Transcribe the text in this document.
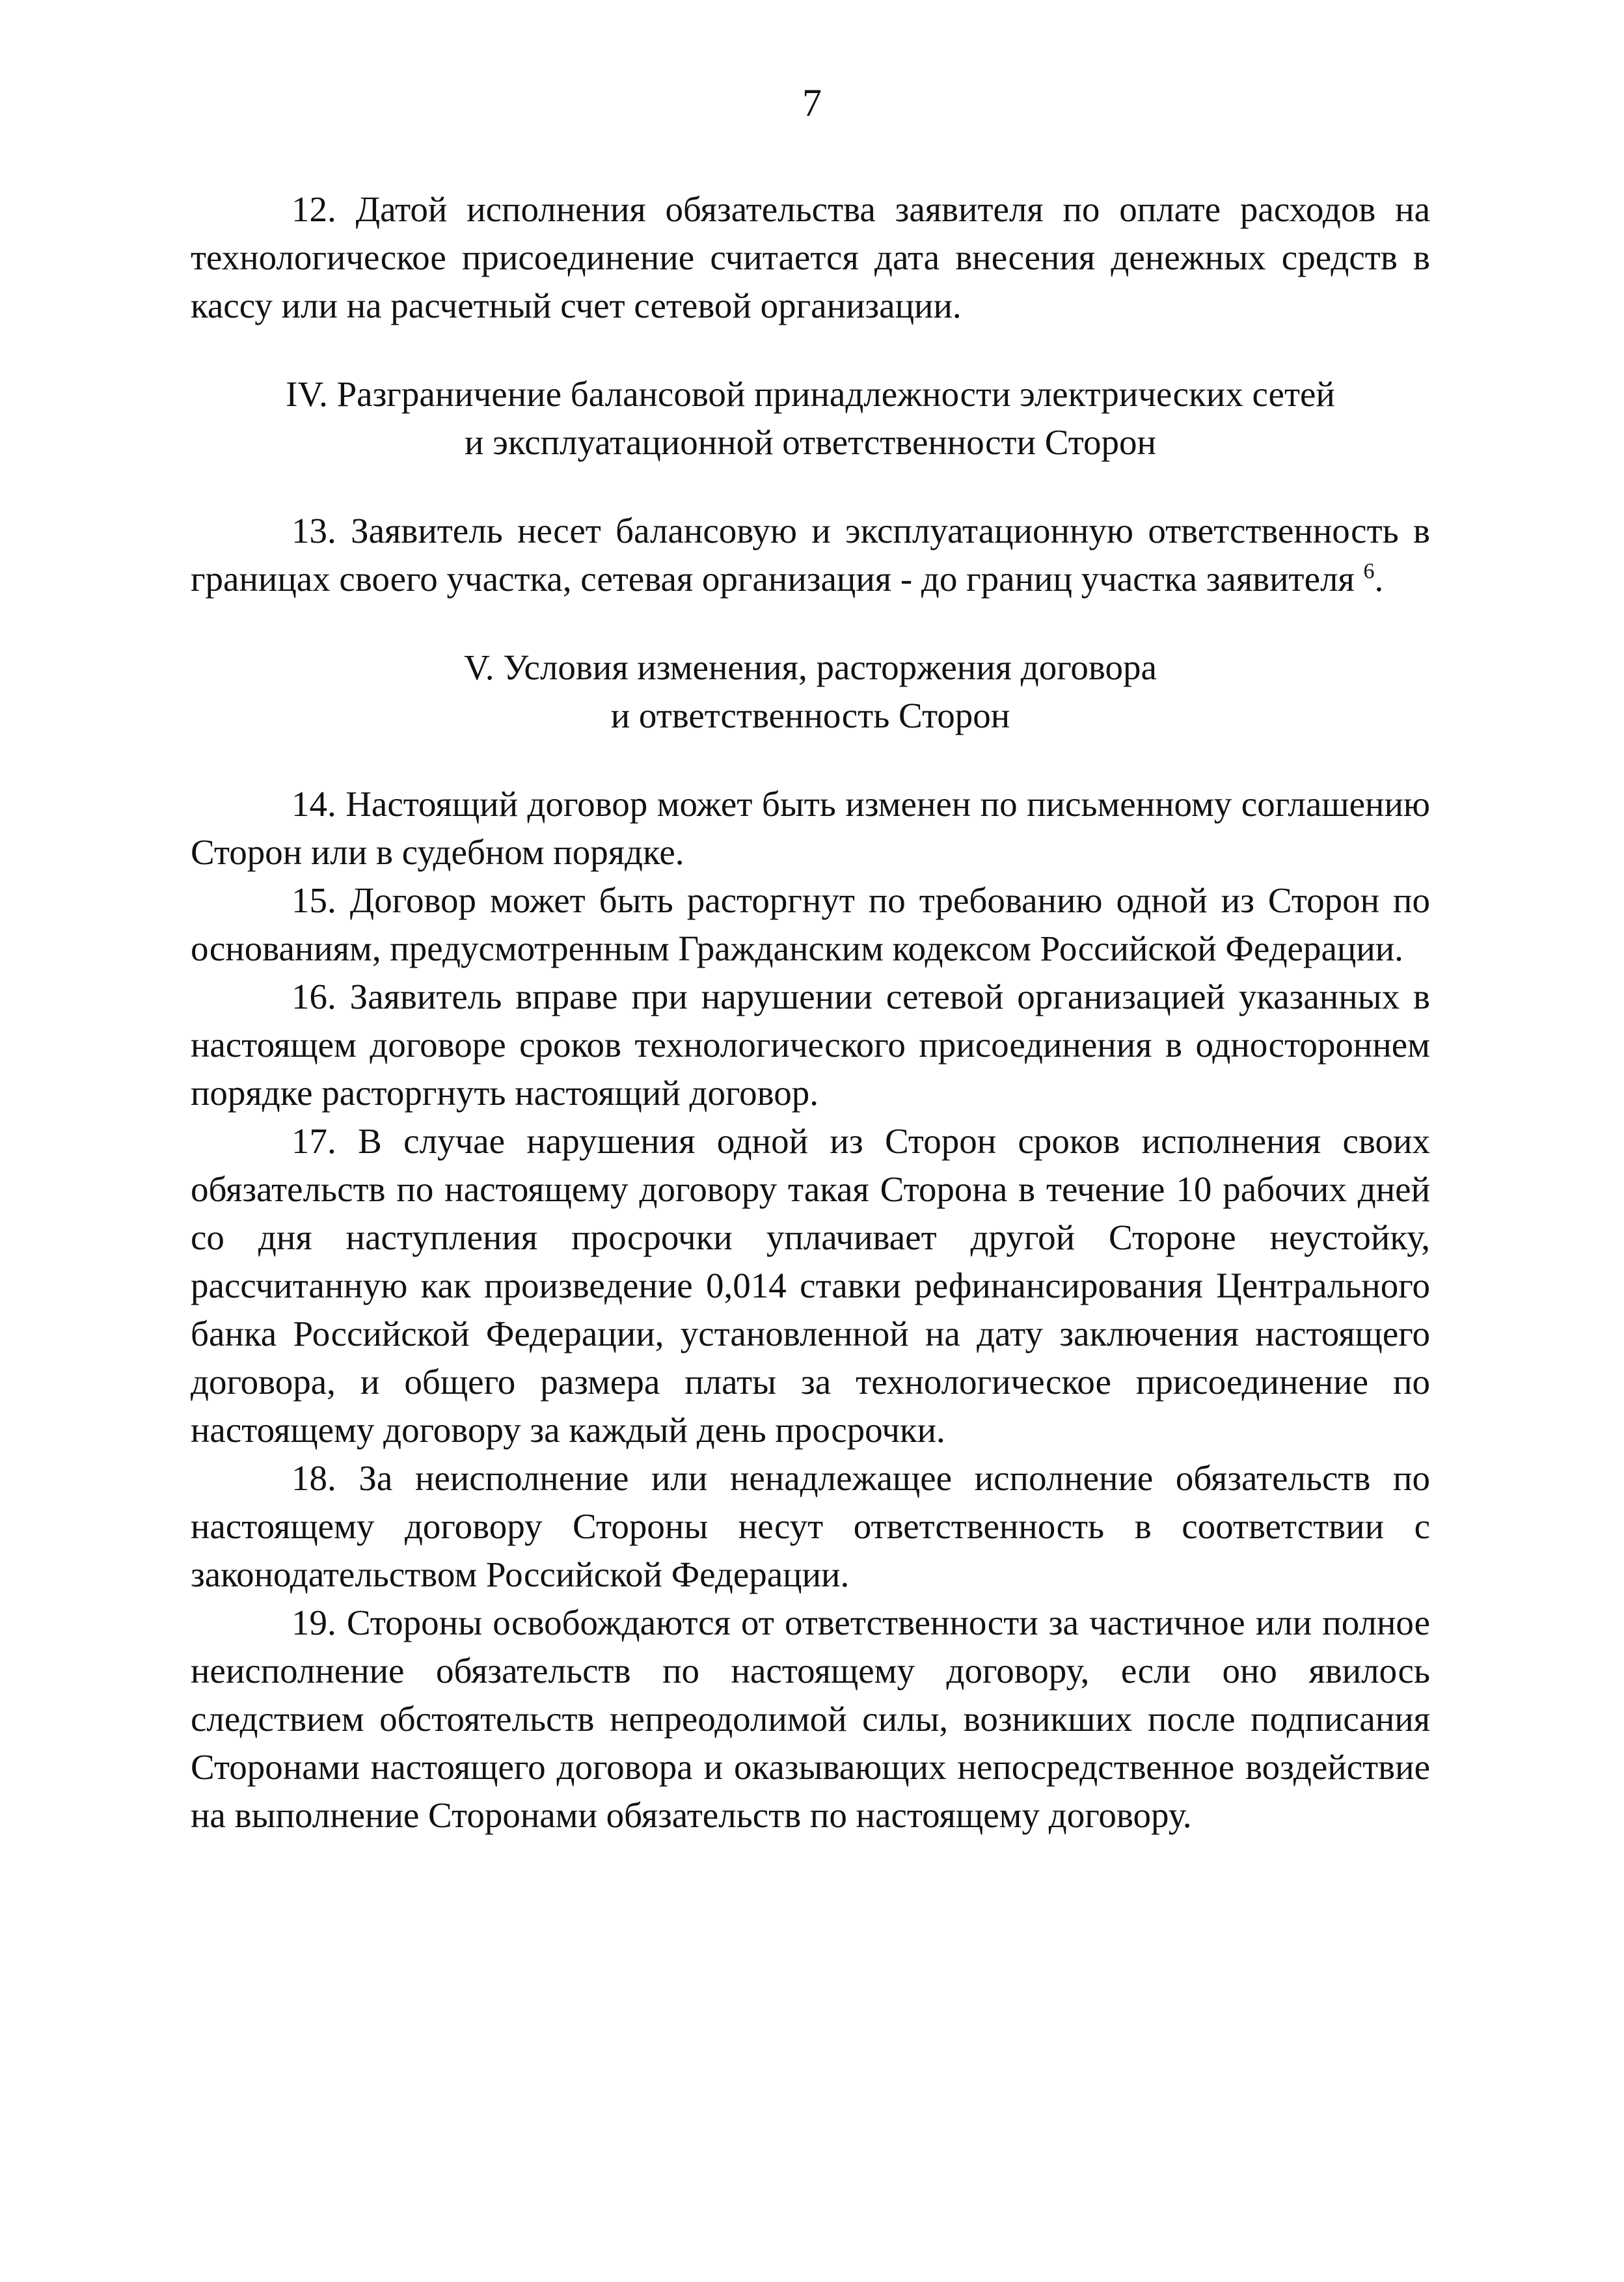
7

12. Датой исполнения обязательства заявителя по оплате расходов на технологическое присоединение считается дата внесения денежных средств в кассу или на расчетный счет сетевой организации.

IV. Разграничение балансовой принадлежности электрических сетей
и эксплуатационной ответственности Сторон

13. Заявитель несет балансовую и эксплуатационную ответственность в границах своего участка, сетевая организация - до границ участка заявителя $^6$.

V. Условия изменения, расторжения договора
и ответственность Сторон

14. Настоящий договор может быть изменен по письменному соглашению Сторон или в судебном порядке.

15. Договор может быть расторгнут по требованию одной из Сторон по основаниям, предусмотренным Гражданским кодексом Российской Федерации.

16. Заявитель вправе при нарушении сетевой организацией указанных в настоящем договоре сроков технологического присоединения в одностороннем порядке расторгнуть настоящий договор.

17. В случае нарушения одной из Сторон сроков исполнения своих обязательств по настоящему договору такая Сторона в течение 10 рабочих дней со дня наступления просрочки уплачивает другой Стороне неустойку, рассчитанную как произведение 0,014 ставки рефинансирования Центрального банка Российской Федерации, установленной на дату заключения настоящего договора, и общего размера платы за технологическое присоединение по настоящему договору за каждый день просрочки.

18. За неисполнение или ненадлежащее исполнение обязательств по настоящему договору Стороны несут ответственность в соответствии с законодательством Российской Федерации.

19. Стороны освобождаются от ответственности за частичное или полное неисполнение обязательств по настоящему договору, если оно явилось следствием обстоятельств непреодолимой силы, возникших после подписания Сторонами настоящего договора и оказывающих непосредственное воздействие на выполнение Сторонами обязательств по настоящему договору.
